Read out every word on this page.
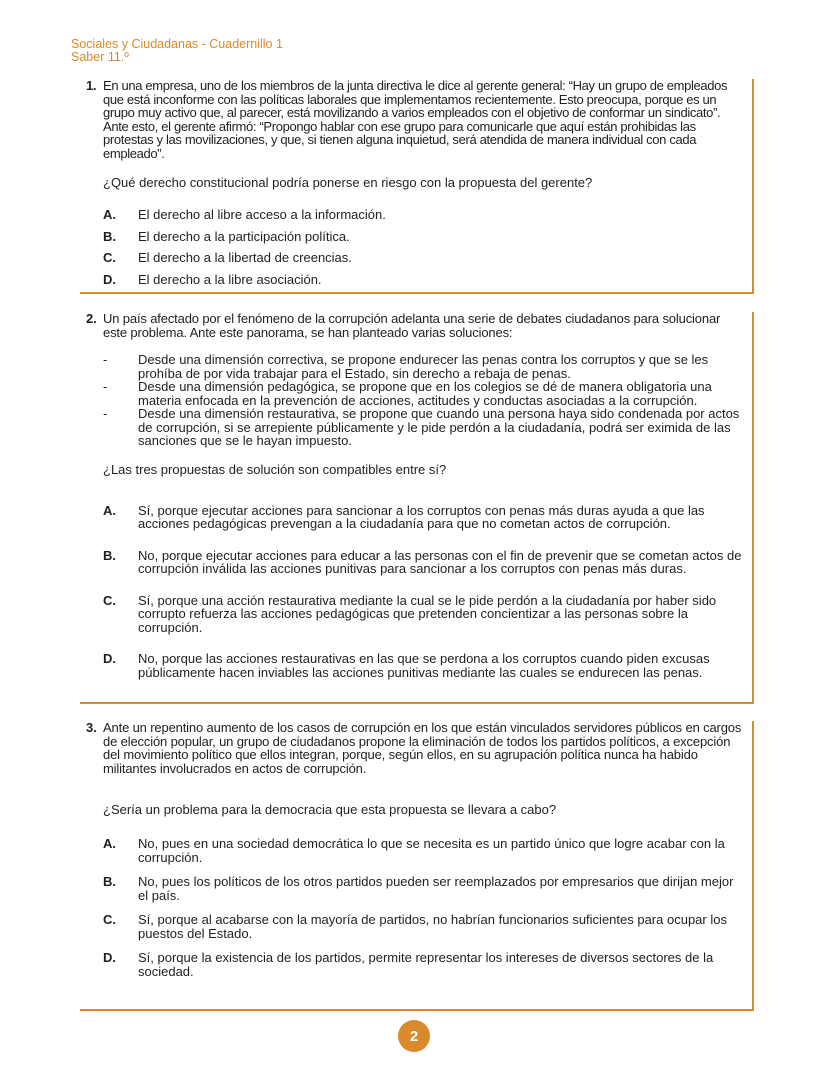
Sociales y Ciudadanas - Cuadernillo 1
Saber 11.º

1. En una empresa, uno de los miembros de la junta directiva le dice al gerente general: “Hay un grupo de empleados que está inconforme con las políticas laborales que implementamos recientemente. Esto preocupa, porque es un grupo muy activo que, al parecer, está movilizando a varios empleados con el objetivo de conformar un sindicato”. Ante esto, el gerente afirmó: “Propongo hablar con ese grupo para comunicarle que aquí están prohibidas las protestas y las movilizaciones, y que, si tienen alguna inquietud, será atendida de manera individual con cada empleado”.

¿Qué derecho constitucional podría ponerse en riesgo con la propuesta del gerente?

A. El derecho al libre acceso a la información.
B. El derecho a la participación política.
C. El derecho a la libertad de creencias.
D. El derecho a la libre asociación.

2. Un país afectado por el fenómeno de la corrupción adelanta una serie de debates ciudadanos para solucionar este problema. Ante este panorama, se han planteado varias soluciones:

- Desde una dimensión correctiva, se propone endurecer las penas contra los corruptos y que se les prohíba de por vida trabajar para el Estado, sin derecho a rebaja de penas.
- Desde una dimensión pedagógica, se propone que en los colegios se dé de manera obligatoria una materia enfocada en la prevención de acciones, actitudes y conductas asociadas a la corrupción.
- Desde una dimensión restaurativa, se propone que cuando una persona haya sido condenada por actos de corrupción, si se arrepiente públicamente y le pide perdón a la ciudadanía, podrá ser eximida de las sanciones que se le hayan impuesto.

¿Las tres propuestas de solución son compatibles entre sí?

A. Sí, porque ejecutar acciones para sancionar a los corruptos con penas más duras ayuda a que las acciones pedagógicas prevengan a la ciudadanía para que no cometan actos de corrupción.
B. No, porque ejecutar acciones para educar a las personas con el fin de prevenir que se cometan actos de corrupción inválida las acciones punitivas para sancionar a los corruptos con penas más duras.
C. Sí, porque una acción restaurativa mediante la cual se le pide perdón a la ciudadanía por haber sido corrupto refuerza las acciones pedagógicas que pretenden concientizar a las personas sobre la corrupción.
D. No, porque las acciones restaurativas en las que se perdona a los corruptos cuando piden excusas públicamente hacen inviables las acciones punitivas mediante las cuales se endurecen las penas.

3. Ante un repentino aumento de los casos de corrupción en los que están vinculados servidores públicos en cargos de elección popular, un grupo de ciudadanos propone la eliminación de todos los partidos políticos, a excepción del movimiento político que ellos integran, porque, según ellos, en su agrupación política nunca ha habido militantes involucrados en actos de corrupción.

¿Sería un problema para la democracia que esta propuesta se llevara a cabo?

A. No, pues en una sociedad democrática lo que se necesita es un partido único que logre acabar con la corrupción.
B. No, pues los políticos de los otros partidos pueden ser reemplazados por empresarios que dirijan mejor el país.
C. Sí, porque al acabarse con la mayoría de partidos, no habrían funcionarios suficientes para ocupar los puestos del Estado.
D. Sí, porque la existencia de los partidos, permite representar los intereses de diversos sectores de la sociedad.
2
